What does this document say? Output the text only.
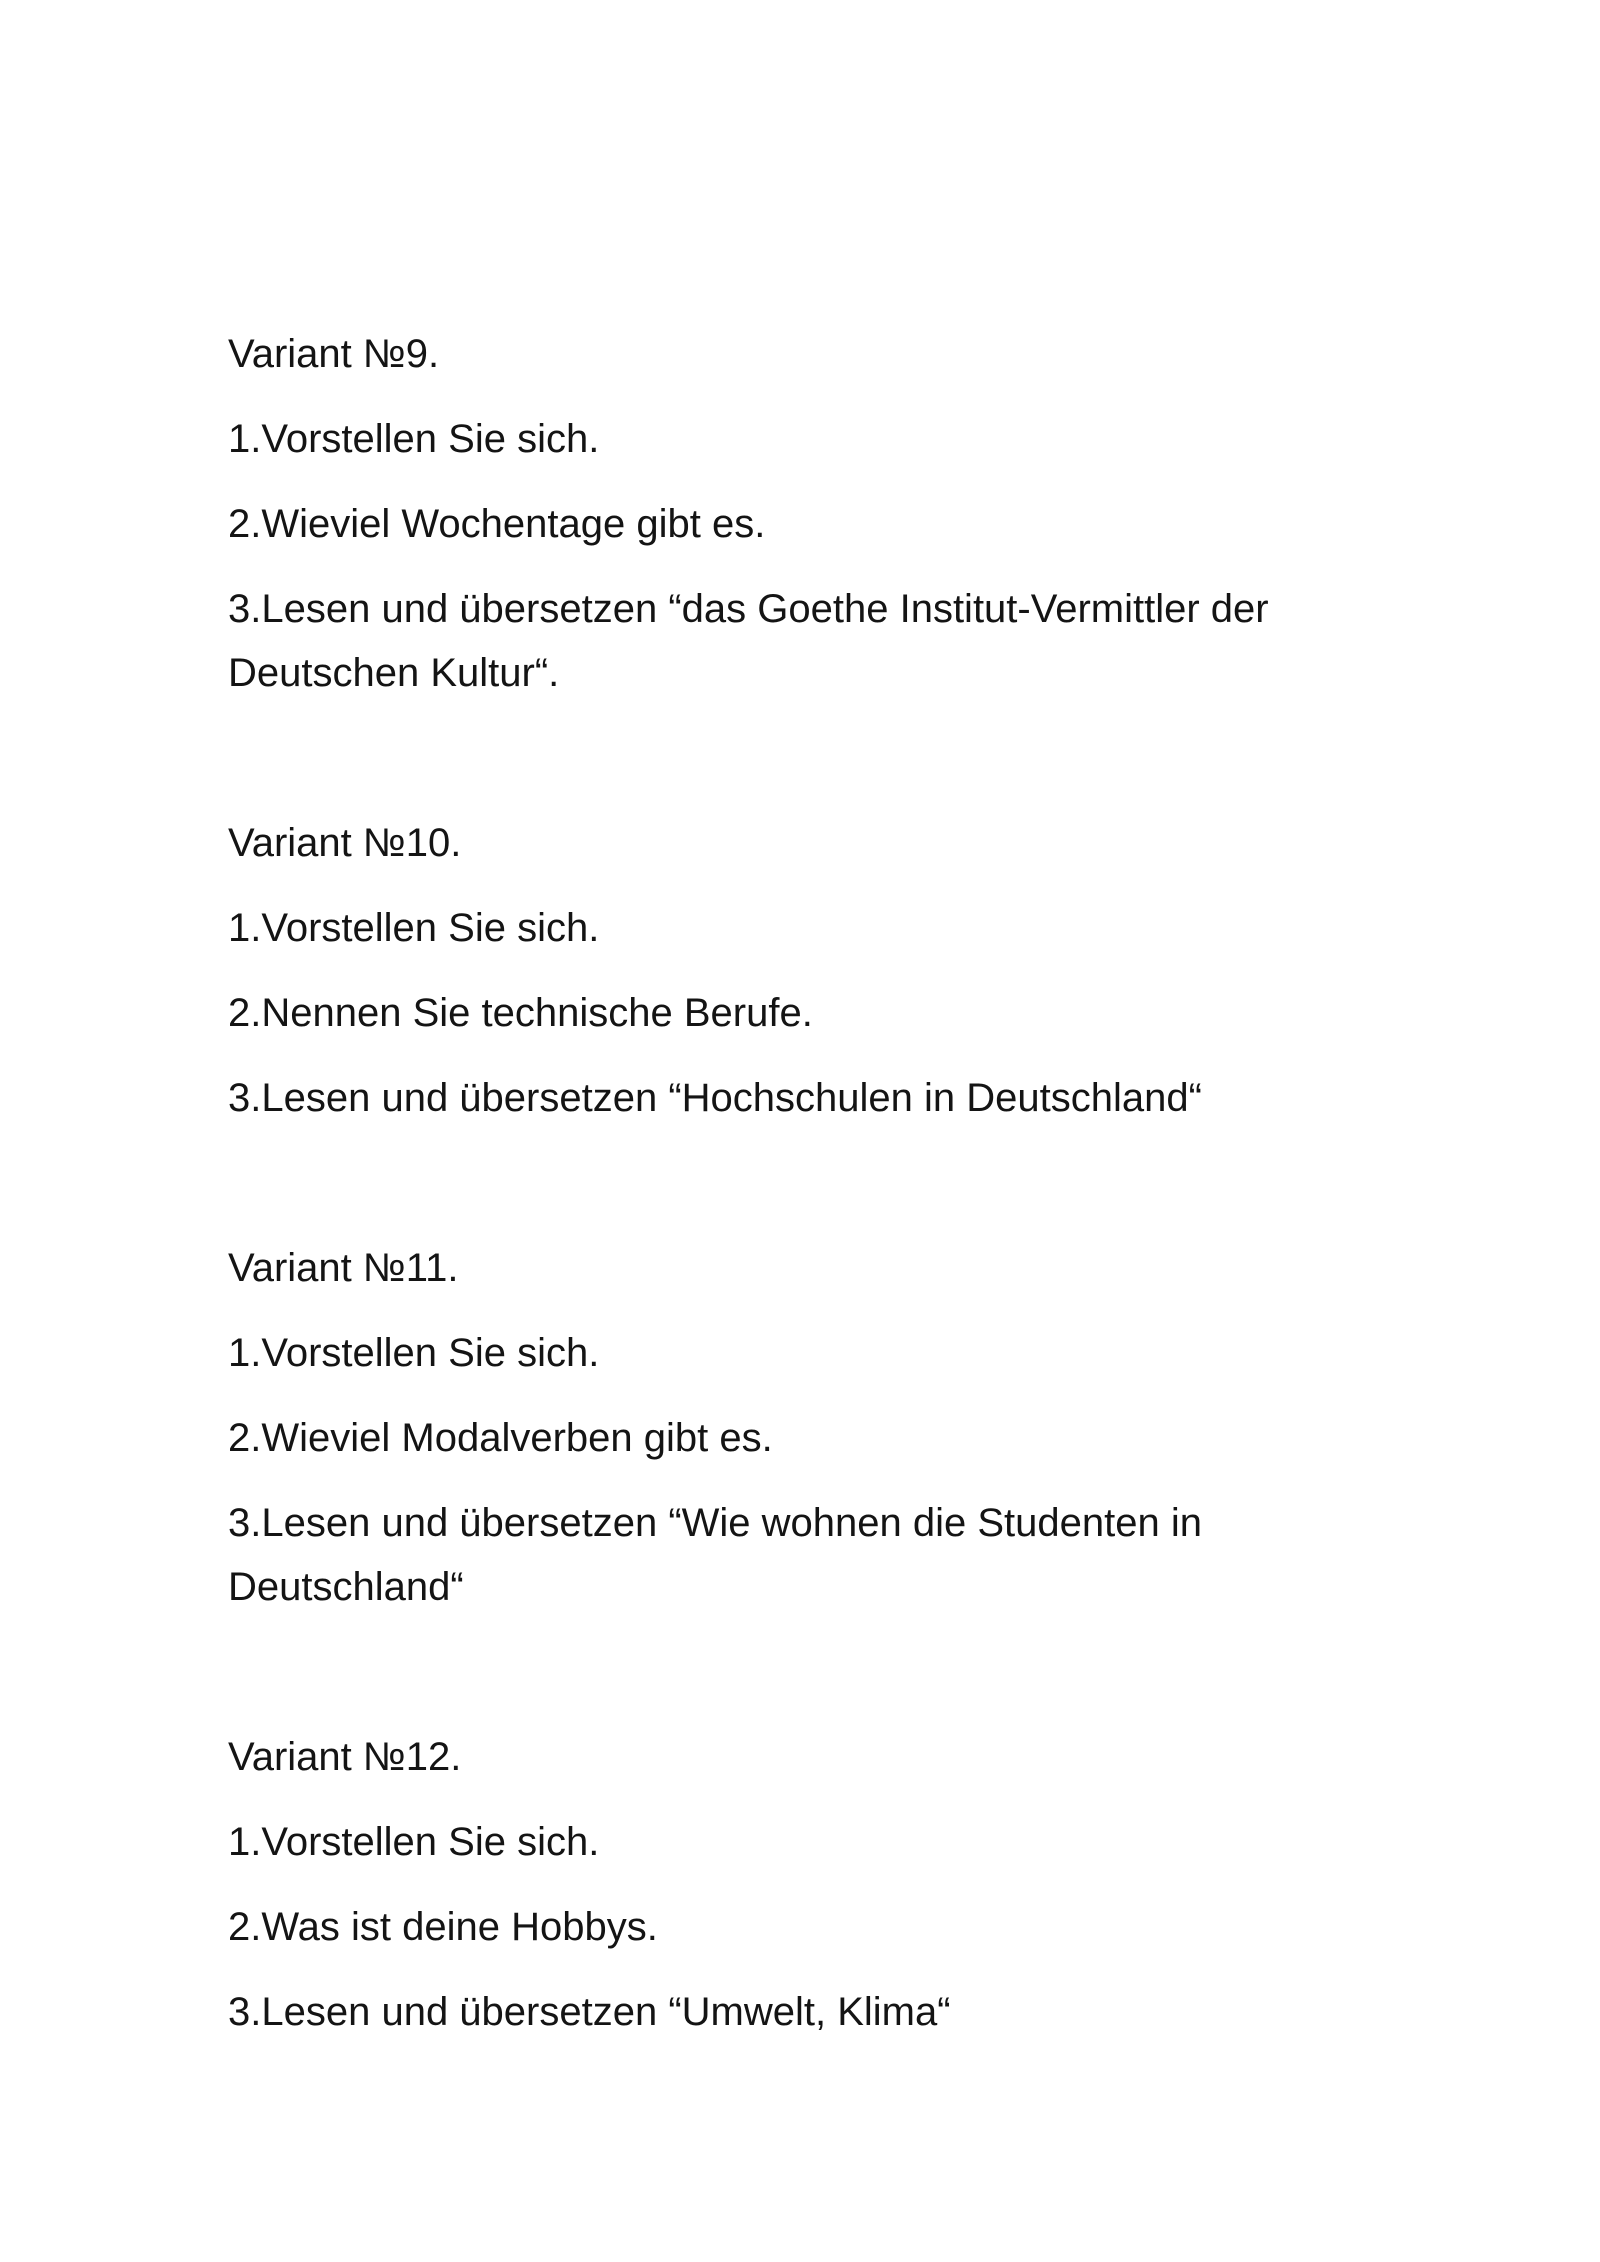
Variant №9.
1.Vorstellen Sie sich.
2.Wieviel Wochentage gibt es.
3.Lesen und übersetzen “das Goethe Institut-Vermittler der Deutschen Kultur“.
Variant №10.
1.Vorstellen Sie sich.
2.Nennen Sie technische Berufe.
3.Lesen und übersetzen “Hochschulen in Deutschland“
Variant №11.
1.Vorstellen Sie sich.
2.Wieviel Modalverben gibt es.
3.Lesen und übersetzen “Wie wohnen die Studenten in Deutschland“
Variant №12.
1.Vorstellen Sie sich.
2.Was ist deine Hobbys.
3.Lesen und übersetzen “Umwelt, Klima“
